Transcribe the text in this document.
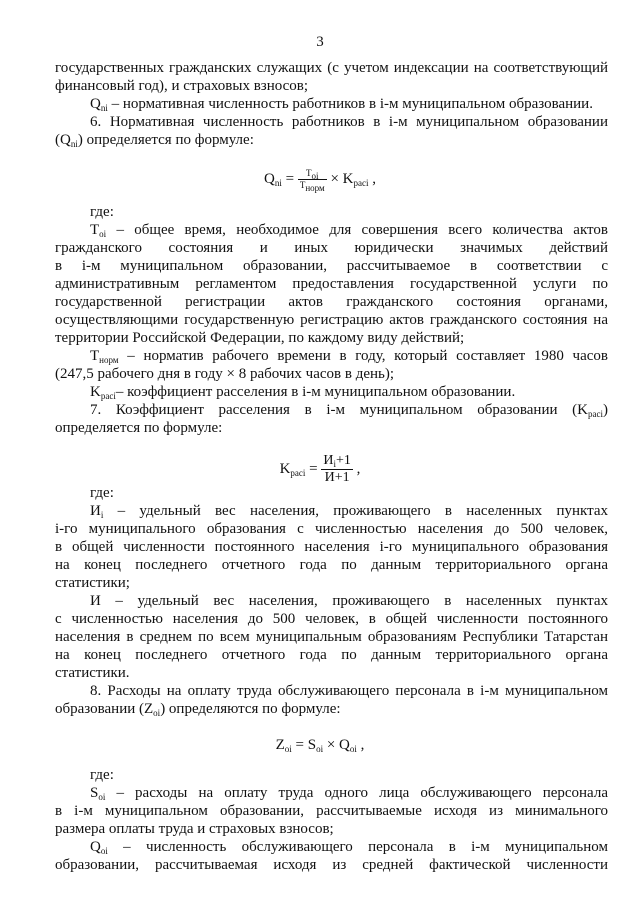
3
государственных гражданских служащих (с учетом индексации на соответствующий
финансовый год), и страховых взносов;
$Q_{ni}$ – нормативная численность работников в i-м муниципальном образовании.
6. Нормативная численность работников в i-м муниципальном образовании
$(Q_{ni})$ определяется по формуле:
$Q_{ni} = \frac{T_{oi}}{T_{норм}} \times K_{расi}$ ,
где:
$T_{oi}$ – общее время, необходимое для совершения всего количества актов
гражданского состояния и иных юридически значимых действий
в i-м муниципальном образовании, рассчитываемое в соответствии с
административным регламентом предоставления государственной услуги по
государственной регистрации актов гражданского состояния органами,
осуществляющими государственную регистрацию актов гражданского состояния на
территории Российской Федерации, по каждому виду действий;
$T_{норм}$ – норматив рабочего времени в году, который составляет 1980 часов
(247,5 рабочего дня в году × 8 рабочих часов в день);
$K_{расi}-$ коэффициент расселения в i-м муниципальном образовании.
7. Коэффициент расселения в i-м муниципальном образовании $(K_{расi})$
определяется по формуле:
$K_{расi} = \frac{И_i+1}{И+1}$ ,
где:
$И_i$ – удельный вес населения, проживающего в населенных пунктах
i-го муниципального образования с численностью населения до 500 человек,
в общей численности постоянного населения i-го муниципального образования
на конец последнего отчетного года по данным территориального органа
статистики;
И – удельный вес населения, проживающего в населенных пунктах
с численностью населения до 500 человек, в общей численности постоянного
населения в среднем по всем муниципальным образованиям Республики Татарстан
на конец последнего отчетного года по данным территориального органа
статистики.
8. Расходы на оплату труда обслуживающего персонала в i-м муниципальном
образовании $(Z_{oi})$ определяются по формуле:
$Z_{oi} = S_{oi} \times Q_{oi}$ ,
где:
$S_{oi}$ – расходы на оплату труда одного лица обслуживающего персонала
в i-м муниципальном образовании, рассчитываемые исходя из минимального
размера оплаты труда и страховых взносов;
$Q_{oi}$ – численность обслуживающего персонала в i-м муниципальном
образовании, рассчитываемая исходя из средней фактической численности
